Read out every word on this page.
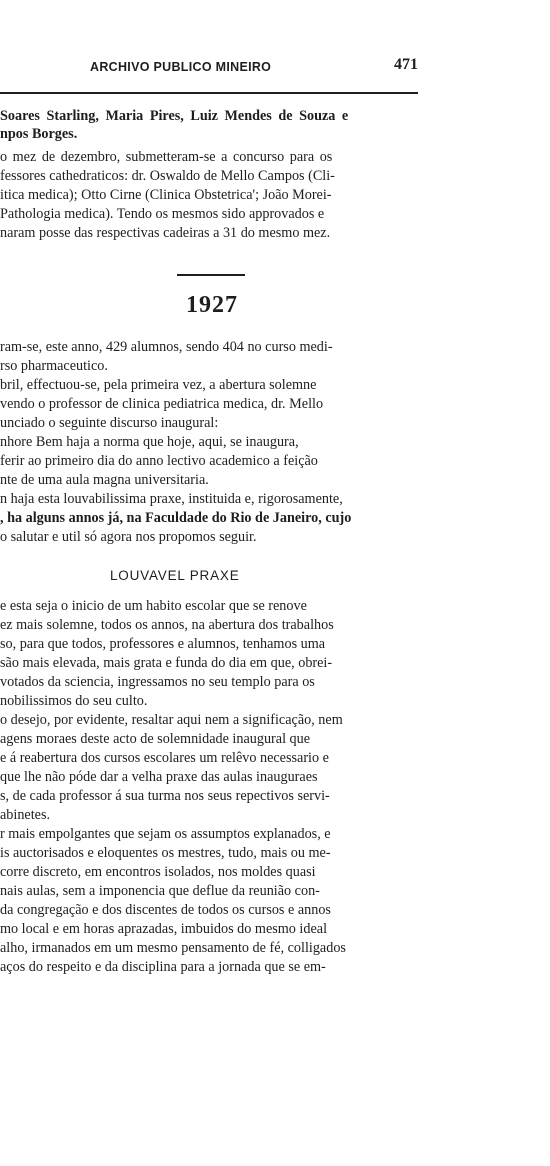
ARCHIVO PUBLICO MINEIRO	471
Soares Starling, Maria Pires, Luiz Mendes de Souza e
npos Borges.
o mez de dezembro, submetteram-se a concurso para os
fessores cathedraticos: dr. Oswaldo de Mello Campos (Cli-
itica medica); Otto Cirne (Clinica Obstetrica'; João Morei-
Pathologia medica). Tendo os mesmos sido approvados e
naram posse das respectivas cadeiras a 31 do mesmo mez.
1927
ram-se, este anno, 429 alumnos, sendo 404 no curso medi-
rso pharmaceutico.
bril, effectuou-se, pela primeira vez, a abertura solemne
vendo o professor de clinica pediatrica medica, dr. Mello
unciado o seguinte discurso inaugural:
nhore Bem haja a norma que hoje, aqui, se inaugura,
ferir ao primeiro dia do anno lectivo academico a feição
nte de uma aula magna universitaria.
n haja esta louvabilissima praxe, instituida e, rigorosamente,
, ha alguns annos já, na Faculdade do Rio de Janeiro, cujo
o salutar e util só agora nos propomos seguir.
LOUVAVEL PRAXE
e esta seja o inicio de um habito escolar que se renove
ez mais solemne, todos os annos, na abertura dos trabalhos
so, para que todos, professores e alumnos, tenhamos uma
são mais elevada, mais grata e funda do dia em que, obrei-
votados da sciencia, ingressamos no seu templo para os
nobilissimos do seu culto.
o desejo, por evidente, resaltar aqui nem a significação, nem
agens moraes deste acto de solemnidade inaugural que
e á reabertura dos cursos escolares um relêvo necessario e
que lhe não póde dar a velha praxe das aulas inauguraes
s, de cada professor á sua turma nos seus repectivos servi-
abinetes.
r mais empolgantes que sejam os assumptos explanados, e
is auctorisados e eloquentes os mestres, tudo, mais ou me-
corre discreto, em encontros isolados, nos moldes quasi
nais aulas, sem a imponencia que deflue da reunião con-
da congregação e dos discentes de todos os cursos e annos
mo local e em horas aprazadas, imbuidos do mesmo ideal
alho, irmanados em um mesmo pensamento de fé, colligados
aços do respeito e da disciplina para a jornada que se em-
